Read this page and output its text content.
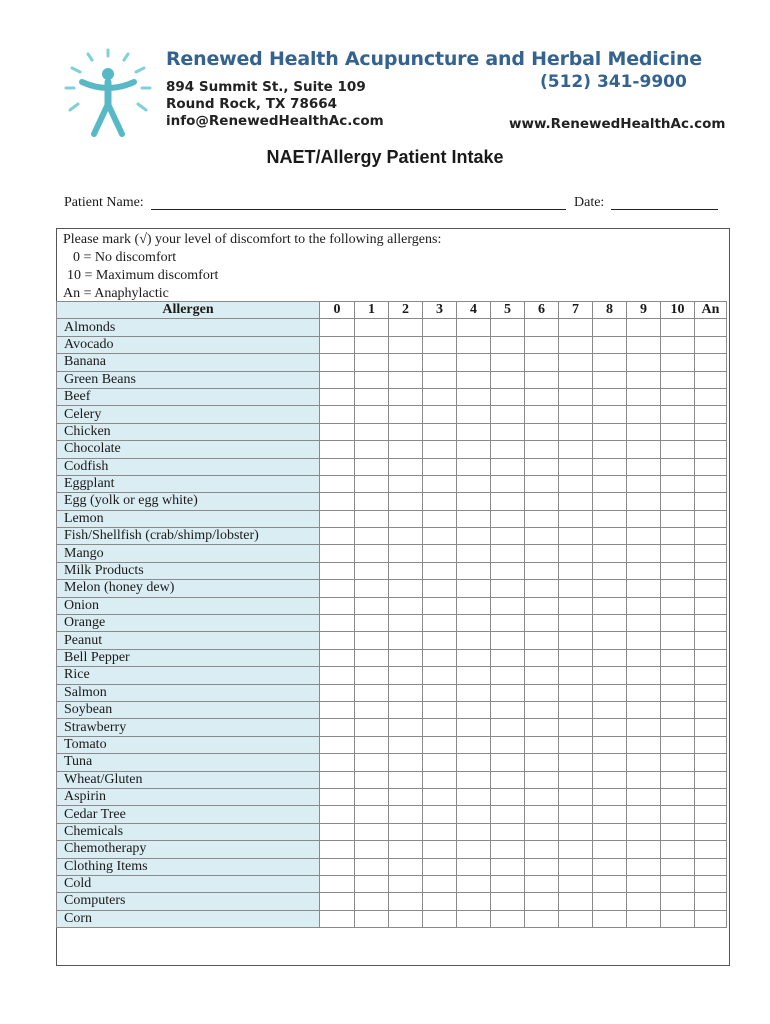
Renewed Health Acupuncture and Herbal Medicine
894 Summit St., Suite 109
Round Rock, TX 78664
info@RenewedHealthAc.com
(512) 341-9900
www.RenewedHealthAc.com
NAET/Allergy Patient Intake
Patient Name:	Date:
Please mark (√) your level of discomfort to the following allergens:
0 = No discomfort
10 = Maximum discomfort
An = Anaphylactic
Allergen	0	1	2	3	4	5	6	7	8	9	10	An
Almonds												
Avocado												
Banana												
Green Beans												
Beef												
Celery												
Chicken												
Chocolate												
Codfish												
Eggplant												
Egg (yolk or egg white)												
Lemon												
Fish/Shellfish (crab/shimp/lobster)												
Mango												
Milk Products												
Melon (honey dew)												
Onion												
Orange												
Peanut												
Bell Pepper												
Rice												
Salmon												
Soybean												
Strawberry												
Tomato												
Tuna												
Wheat/Gluten												
Aspirin												
Cedar Tree												
Chemicals												
Chemotherapy												
Clothing Items												
Cold												
Computers												
Corn												
